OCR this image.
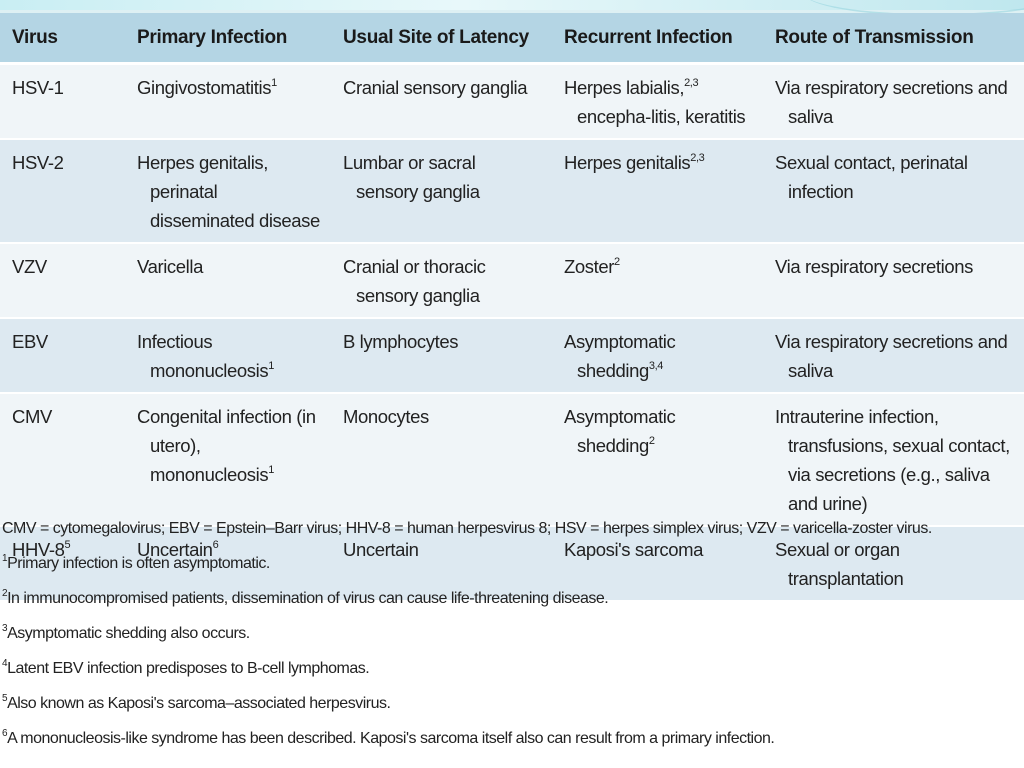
Virus	Primary Infection	Usual Site of Latency	Recurrent Infection	Route of Transmission

HSV-1	Gingivostomatitis$^1$	Cranial sensory ganglia	Herpes labialis,$^{2,3}$ encepha-litis, keratitis	Via respiratory secretions and saliva

HSV-2	Herpes genitalis, perinatal disseminated disease	Lumbar or sacral sensory ganglia	Herpes genitalis$^{2,3}$	Sexual contact, perinatal infection

VZV	Varicella	Cranial or thoracic sensory ganglia	Zoster$^2$	Via respiratory secretions

EBV	Infectious mononucleosis$^1$	B lymphocytes	Asymptomatic shedding$^{3,4}$	Via respiratory secretions and saliva

CMV	Congenital infection (in utero), mononucleosis$^1$	Monocytes	Asymptomatic shedding$^2$	Intrauterine infection, transfusions, sexual contact, via secretions (e.g., saliva and urine)

HHV-$8^5$	Uncertain$^6$	Uncertain	Kaposi's sarcoma	Sexual or organ transplantation
CMV = cytomegalovirus; EBV = Epstein–Barr virus; HHV-8 = human herpesvirus 8; HSV = herpes simplex virus; VZV = varicella-zoster virus.
$^1$Primary infection is often asymptomatic.
$^2$In immunocompromised patients, dissemination of virus can cause life-threatening disease.
$^3$Asymptomatic shedding also occurs.
$^4$Latent EBV infection predisposes to B-cell lymphomas.
$^5$Also known as Kaposi's sarcoma–associated herpesvirus.
$^6$A mononucleosis-like syndrome has been described. Kaposi's sarcoma itself also can result from a primary infection.
